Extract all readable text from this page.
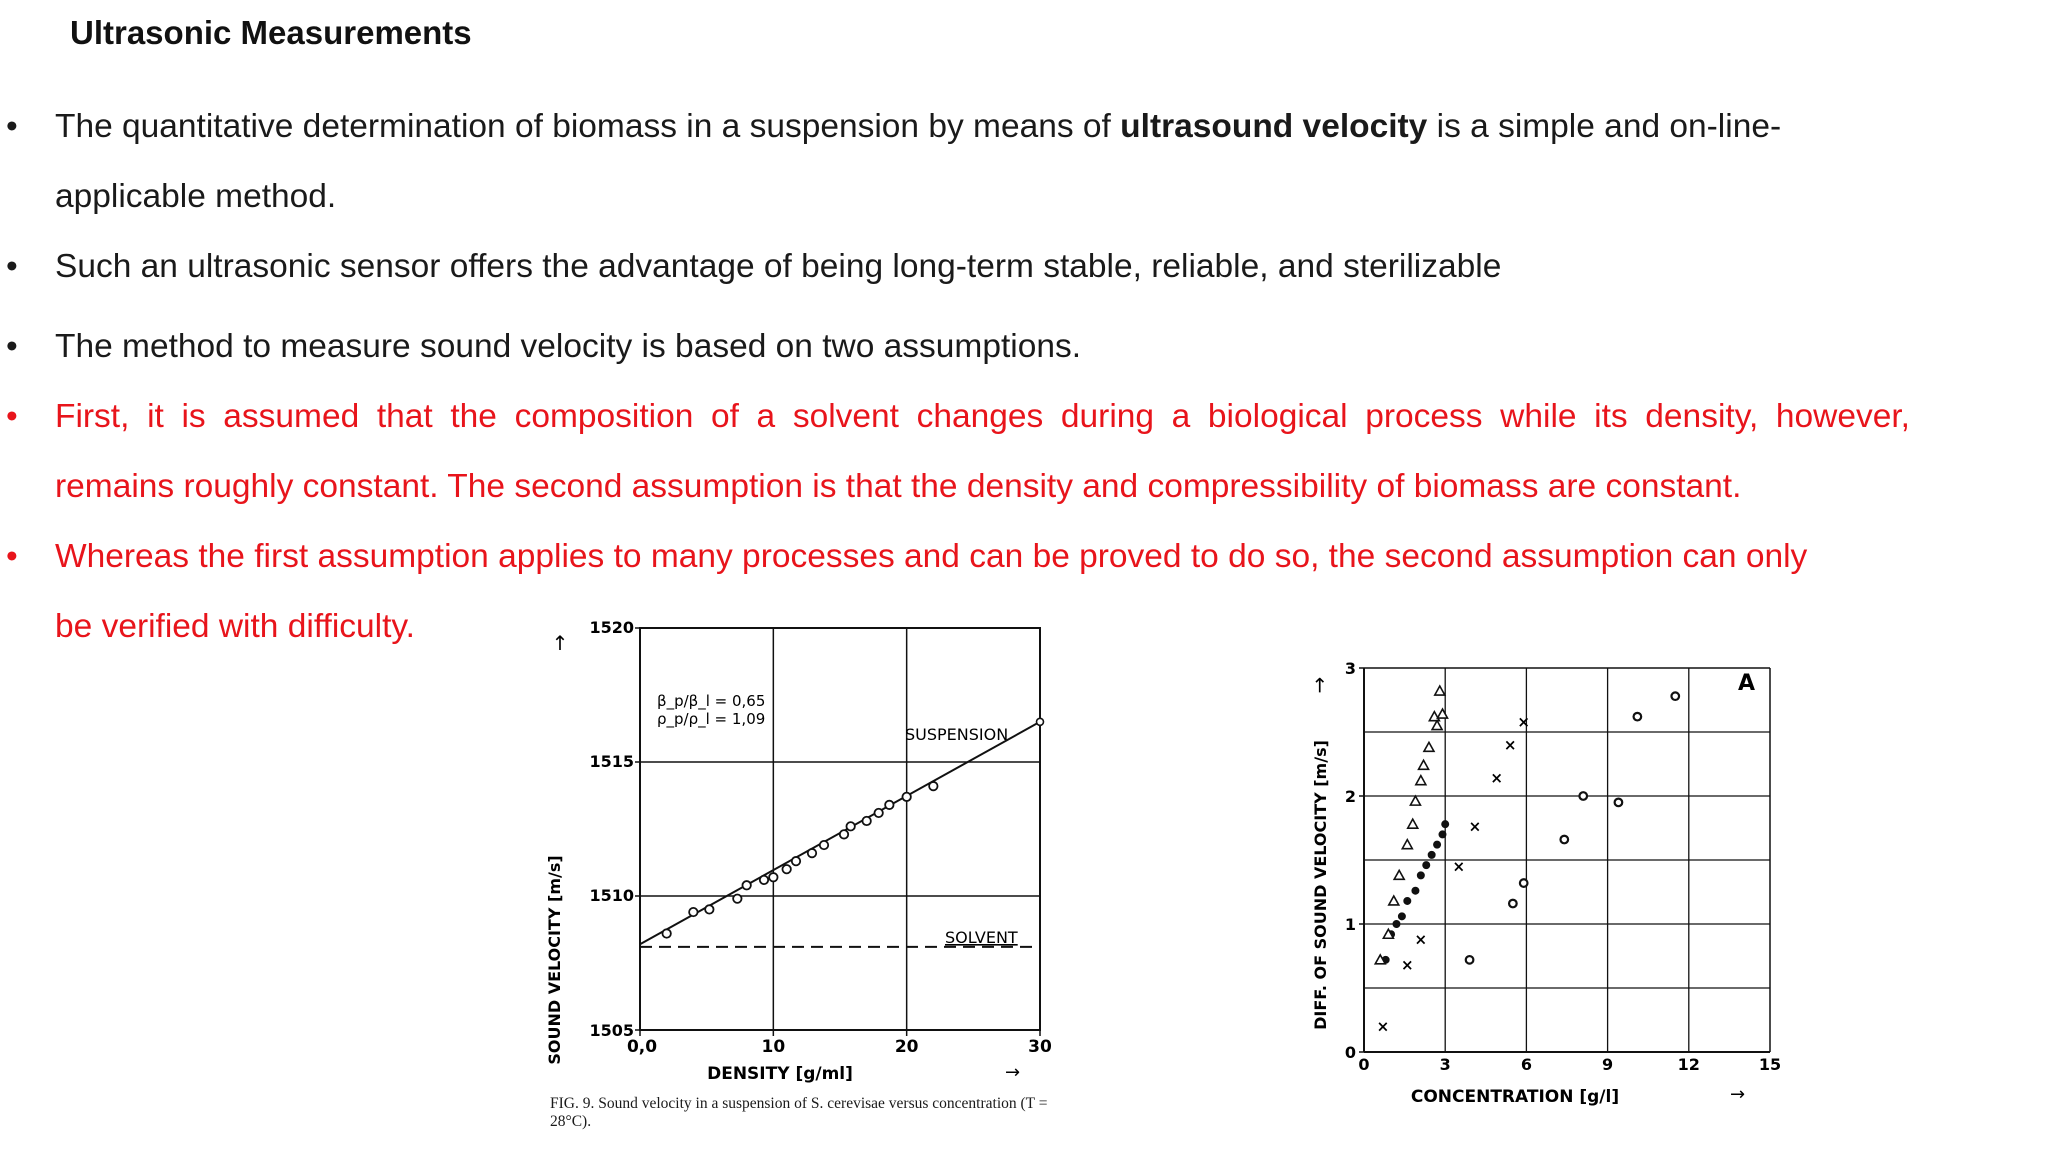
Ultrasonic Measurements
• The quantitative determination of biomass in a suspension by means of ultrasound velocity is a simple and on-line-
applicable method.
• Such an ultrasonic sensor offers the advantage of being long-term stable, reliable, and sterilizable
• The method to measure sound velocity is based on two assumptions.
• First, it is assumed that the composition of a solvent changes during a biological process while its density, however,
remains roughly constant. The second assumption is that the density and compressibility of biomass are constant.
• Whereas the first assumption applies to many processes and can be proved to do so, the second assumption can only
be verified with difficulty.
0,0	10	20	30
1505
1510
1515
1520
SOUND VELOCITY [m/s]
↑
DENSITY [g/ml]	→
β_p/β_l = 0,65
ρ_p/ρ_l = 1,09
SUSPENSION
SOLVENT
FIG. 9. Sound velocity in a suspension of S. cerevisae versus concentration (T = 28°C).
0	3	6	9	12	15
0
1
2
3
×
×
×
×
×
×
×
×
DIFF. OF SOUND VELOCITY [m/s]
→
CONCENTRATION [g/l]	→
A
